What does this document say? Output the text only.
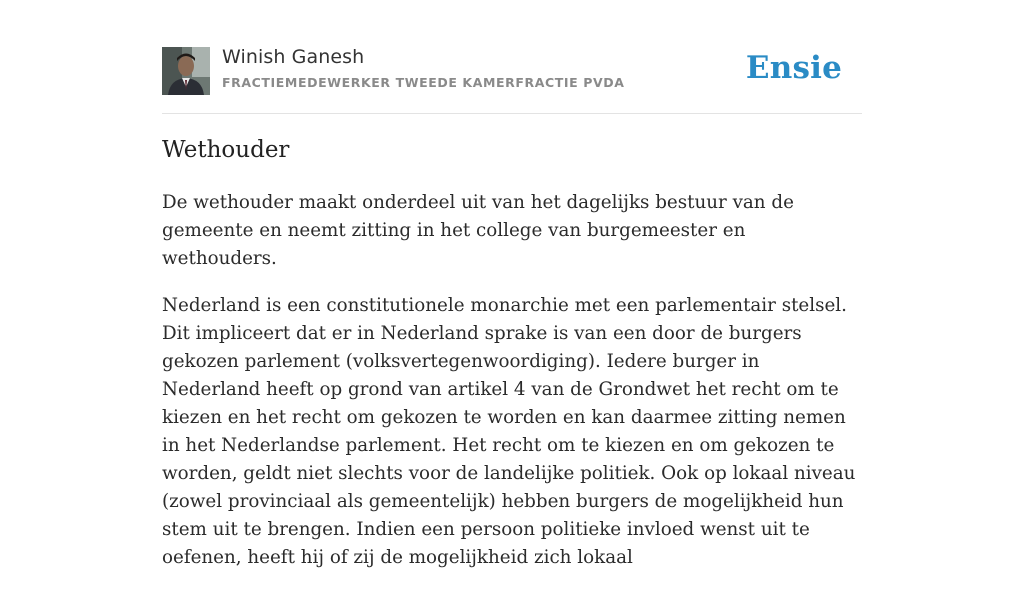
Winish Ganesh
FRACTIEMEDEWERKER TWEEDE KAMERFRACTIE PVDA	Ensie
Wethouder

De wethouder maakt onderdeel uit van het dagelijks bestuur van de gemeente en neemt zitting in het college van burgemeester en wethouders.

Nederland is een constitutionele monarchie met een parlementair stelsel. Dit impliceert dat er in Nederland sprake is van een door de burgers gekozen parlement (volksvertegenwoordiging). Iedere burger in Nederland heeft op grond van artikel 4 van de Grondwet het recht om te kiezen en het recht om gekozen te worden en kan daarmee zitting nemen in het Nederlandse parlement. Het recht om te kiezen en om gekozen te worden, geldt niet slechts voor de landelijke politiek. Ook op lokaal niveau (zowel provinciaal als gemeentelijk) hebben burgers de mogelijkheid hun stem uit te brengen. Indien een persoon politieke invloed wenst uit te oefenen, heeft hij of zij de mogelijkheid zich lokaal
